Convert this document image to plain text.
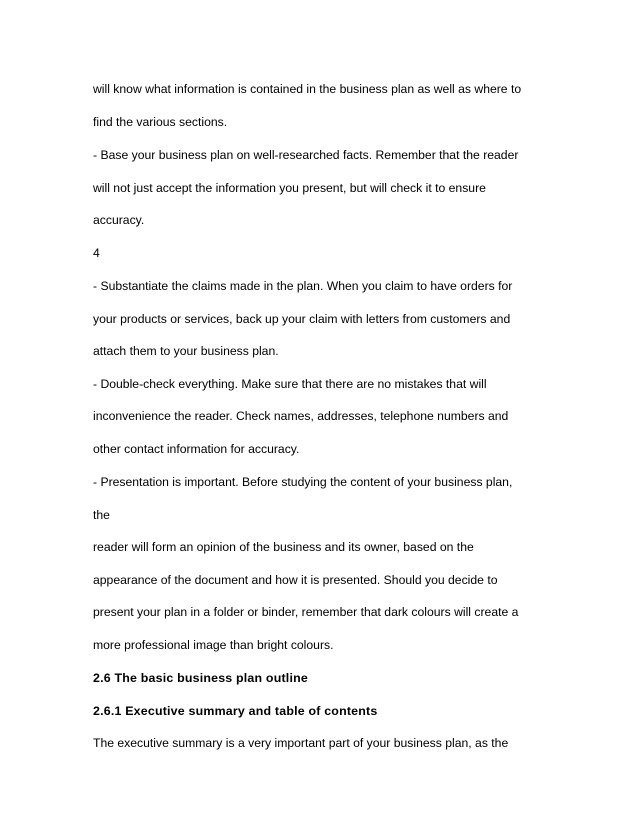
will know what information is contained in the business plan as well as where to
find the various sections.
- Base your business plan on well-researched facts. Remember that the reader
will not just accept the information you present, but will check it to ensure
accuracy.
4
- Substantiate the claims made in the plan. When you claim to have orders for
your products or services, back up your claim with letters from customers and
attach them to your business plan.
- Double-check everything. Make sure that there are no mistakes that will
inconvenience the reader. Check names, addresses, telephone numbers and
other contact information for accuracy.
- Presentation is important. Before studying the content of your business plan,
the
reader will form an opinion of the business and its owner, based on the
appearance of the document and how it is presented. Should you decide to
present your plan in a folder or binder, remember that dark colours will create a
more professional image than bright colours.
2.6 The basic business plan outline
2.6.1 Executive summary and table of contents
The executive summary is a very important part of your business plan, as the
